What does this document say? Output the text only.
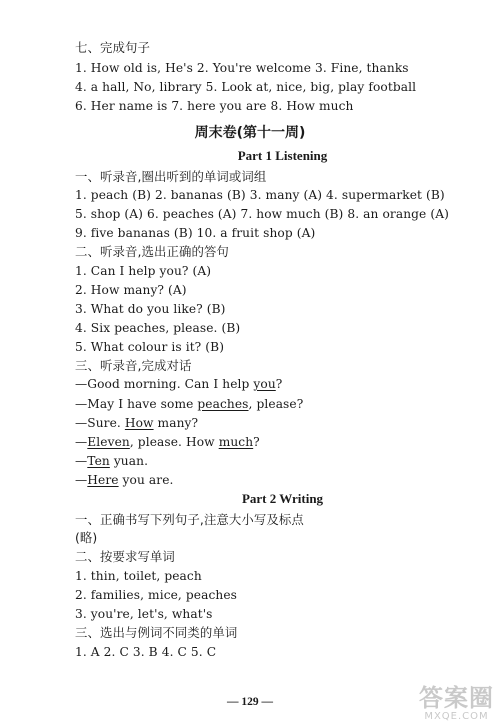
七、完成句子
1. How old is, He's 2. You're welcome 3. Fine, thanks
4. a hall, No, library 5. Look at, nice, big, play football
6. Her name is 7. here you are 8. How much
周末卷(第十一周)
Part 1 Listening
一、听录音,圈出听到的单词或词组
1. peach (B) 2. bananas (B) 3. many (A) 4. supermarket (B)
5. shop (A) 6. peaches (A) 7. how much (B) 8. an orange (A)
9. five bananas (B) 10. a fruit shop (A)
二、听录音,选出正确的答句
1. Can I help you? (A)
2. How many? (A)
3. What do you like? (B)
4. Six peaches, please. (B)
5. What colour is it? (B)
三、听录音,完成对话
—Good morning. Can I help you?
—May I have some peaches, please?
—Sure. How many?
—Eleven, please. How much?
—Ten yuan.
—Here you are.
Part 2 Writing
一、正确书写下列句子,注意大小写及标点
(略)
二、按要求写单词
1. thin, toilet, peach
2. families, mice, peaches
3. you're, let's, what's
三、选出与例词不同类的单词
1. A 2. C 3. B 4. C 5. C
— 129 —	答案圈
MXQE.COM
